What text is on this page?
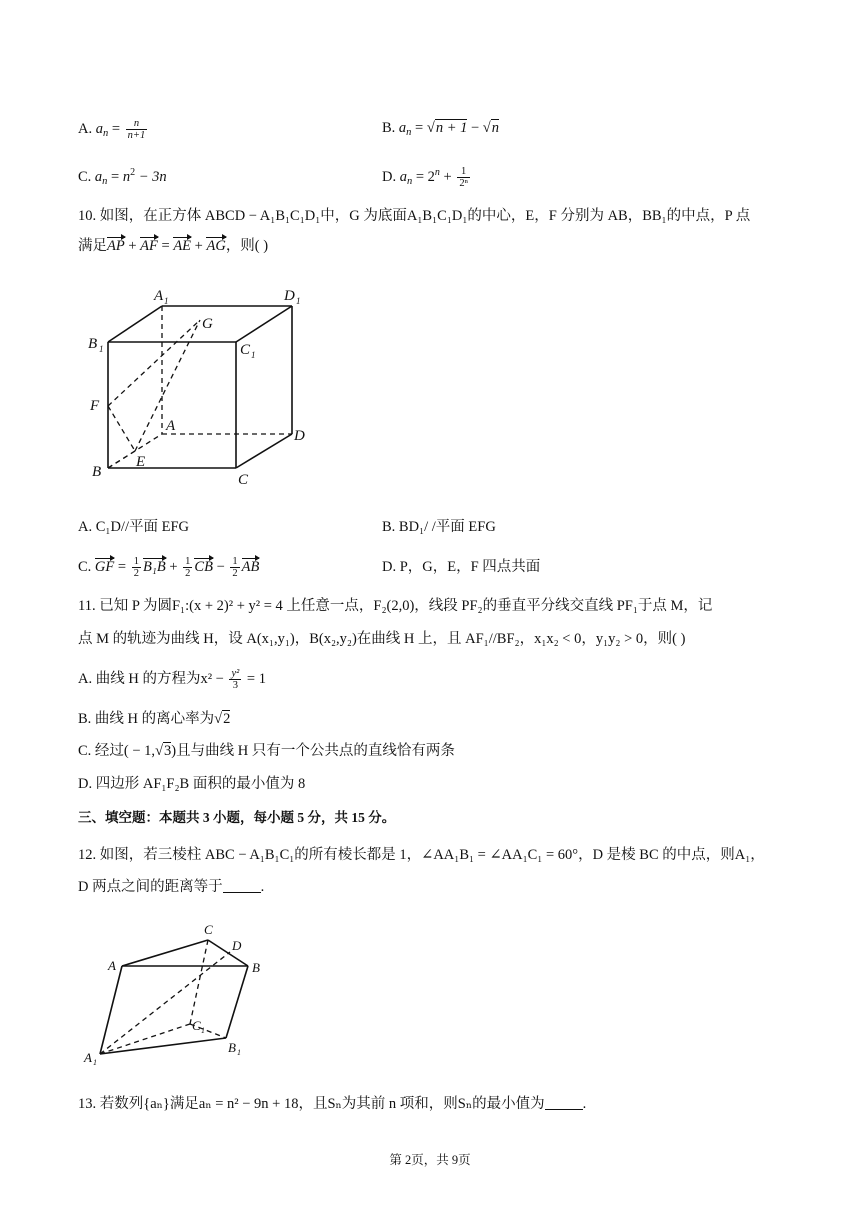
A. $a_n = \frac{n}{n+1}$	B. $a_n = √n + 1 - √n$
C. $a_n = n^2 - 3n$	D. $a_n = 2^n + \frac{1}{\text{2ⁿ}}$
10. 如图，在正方体 ABCD − A₁B₁C₁D₁中，G 为底面A₁B₁C₁D₁的中心，E，F 分别为 AB，BB₁的中点，P 点
满足AP + AF = AE + AG，则( )
A 1	D 1
B 1	C 1
G
F
A
D
B
E
C
A. C₁D//平面 EFG	B. BD₁/ /平面 EFG
C. GF = $\frac{1}{2} B_1B + \frac{1}{2}$ CB − $\frac{1}{2}$ AB	D. P，G，E，F 四点共面
11. 已知 P 为圆F₁:(x + 2)² + y² = 4 上任意一点，F₂(2,0)，线段 PF₂的垂直平分线交直线 PF₁于点 M，记
点 M 的轨迹为曲线 H，设 A(x₁,y₁)，B(x₂,y₂)在曲线 H 上，且 AF₁//BF₂，x₁x₂ < 0，y₁y₂ > 0，则( )
A. 曲线 H 的方程为$x^2 - \frac{\text{y²}}{3} = 1$
B. 曲线 H 的离心率为√2
C. 经过( − 1,√3)且与曲线 H 只有一个公共点的直线恰有两条
D. 四边形 AF₁F₂B 面积的最小值为 8
三、填空题：本题共 3 小题，每小题 5 分，共 15 分。
12. 如图，若三棱柱 ABC − A₁B₁C₁的所有棱长都是 1，∠AA₁B₁ = ∠AA₁C₁ = 60°，D 是棱 BC 的中点，则A₁，
D 两点之间的距离等于	.
C
D
A	B
C 1
A 1
B 1
13. 若数列{aₙ}满足aₙ = n² − 9n + 18，且Sₙ为其前 n 项和，则Sₙ的最小值为	.
第 2页，共 9页
